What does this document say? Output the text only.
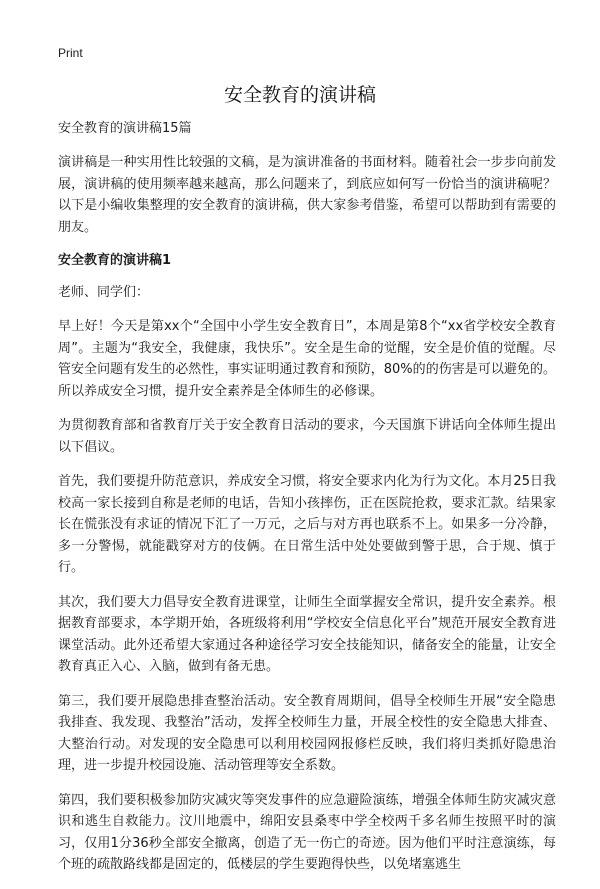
Print
安全教育的演讲稿
安全教育的演讲稿15篇

演讲稿是一种实用性比较强的文稿，是为演讲准备的书面材料。随着社会一步步向前发展，演讲稿的使用频率越来越高，那么问题来了，到底应如何写一份恰当的演讲稿呢？以下是小编收集整理的安全教育的演讲稿，供大家参考借鉴，希望可以帮助到有需要的朋友。

安全教育的演讲稿1
老师、同学们：

早上好！今天是第xx个“全国中小学生安全教育日”，本周是第8个“xx省学校安全教育周”。主题为“我安全，我健康，我快乐”。安全是生命的觉醒，安全是价值的觉醒。尽管安全问题有发生的必然性，事实证明通过教育和预防，80%的的伤害是可以避免的。所以养成安全习惯，提升安全素养是全体师生的必修课。

为贯彻教育部和省教育厅关于安全教育日活动的要求，今天国旗下讲话向全体师生提出以下倡议。

首先，我们要提升防范意识，养成安全习惯，将安全要求内化为行为文化。本月25日我校高一家长接到自称是老师的电话，告知小孩摔伤，正在医院抢救，要求汇款。结果家长在慌张没有求证的情况下汇了一万元，之后与对方再也联系不上。如果多一分冷静，多一分警惕，就能戳穿对方的伎俩。在日常生活中处处要做到警于思，合于规、慎于行。

其次，我们要大力倡导安全教育进课堂，让师生全面掌握安全常识，提升安全素养。根据教育部要求，本学期开始，各班级将利用“学校安全信息化平台”规范开展安全教育进课堂活动。此外还希望大家通过各种途径学习安全技能知识，储备安全的能量，让安全教育真正入心、入脑，做到有备无患。

第三，我们要开展隐患排查整治活动。安全教育周期间，倡导全校师生开展“安全隐患我排查、我发现、我整治”活动，发挥全校师生力量，开展全校性的安全隐患大排查、大整治行动。对发现的安全隐患可以利用校园网报修栏反映，我们将归类抓好隐患治理，进一步提升校园设施、活动管理等安全系数。

第四，我们要积极参加防灾减灾等突发事件的应急避险演练，增强全体师生防灾减灾意识和逃生自救能力。汶川地震中，绵阳安县桑枣中学全校两千多名师生按照平时的演习，仅用1分36秒全部安全撤离，创造了无一伤亡的奇迹。因为他们平时注意演练，每个班的疏散路线都是固定的，低楼层的学生要跑得快些，以免堵塞逃生
